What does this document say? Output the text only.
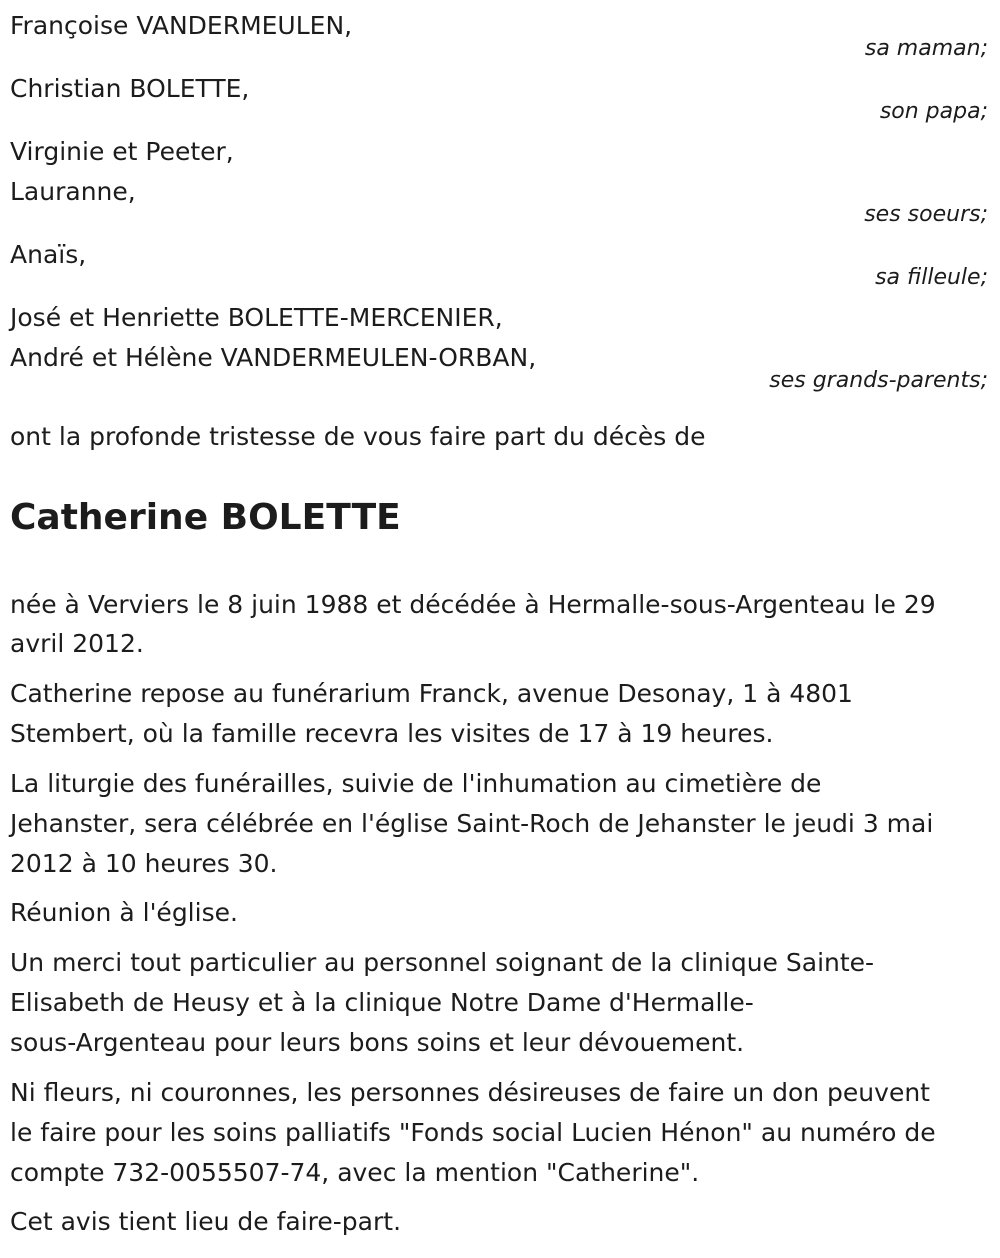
Françoise VANDERMEULEN,
sa maman;
Christian BOLETTE,
son papa;
Virginie et Peeter,
Lauranne,
ses soeurs;
Anaïs,
sa filleule;
José et Henriette BOLETTE-MERCENIER,
André et Hélène VANDERMEULEN-ORBAN,
ses grands-parents;
ont la profonde tristesse de vous faire part du décès de
Catherine BOLETTE
née à Verviers le 8 juin 1988 et décédée à Hermalle-sous-Argenteau le 29
avril 2012.
Catherine repose au funérarium Franck, avenue Desonay, 1 à 4801
Stembert, où la famille recevra les visites de 17 à 19 heures.
La liturgie des funérailles, suivie de l'inhumation au cimetière de
Jehanster, sera célébrée en l'église Saint-Roch de Jehanster le jeudi 3 mai
2012 à 10 heures 30.
Réunion à l'église.
Un merci tout particulier au personnel soignant de la clinique Sainte-
Elisabeth de Heusy et à la clinique Notre Dame d'Hermalle-
sous-Argenteau pour leurs bons soins et leur dévouement.
Ni fleurs, ni couronnes, les personnes désireuses de faire un don peuvent
le faire pour les soins palliatifs "Fonds social Lucien Hénon" au numéro de
compte 732-0055507-74, avec la mention "Catherine".
Cet avis tient lieu de faire-part.
